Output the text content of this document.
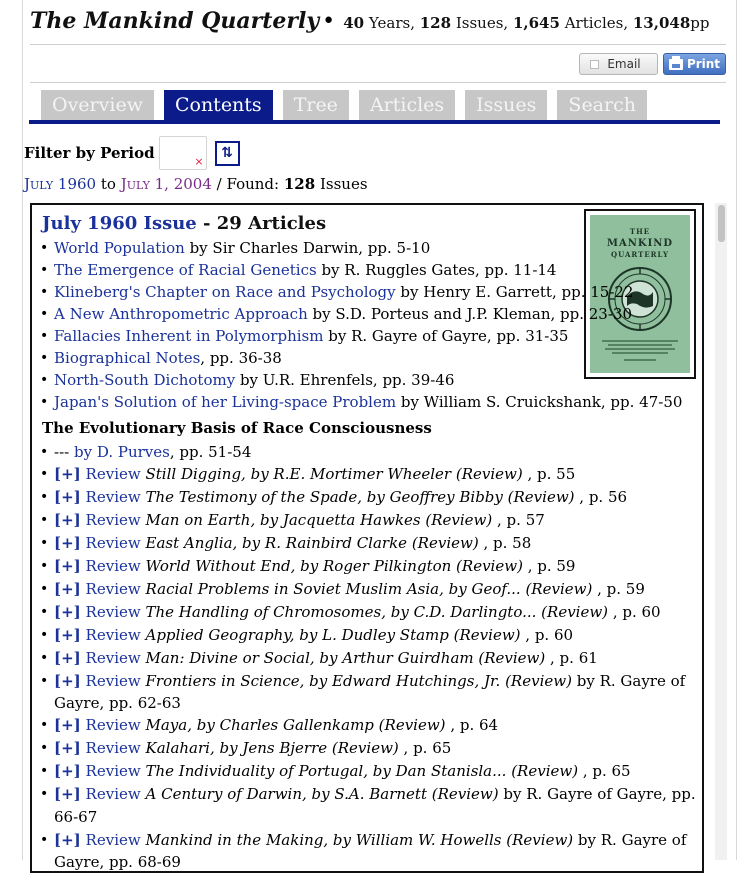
The Mankind Quarterly • 40 Years, 128 Issues, 1,645 Articles, 13,048pp
Email	Print
Overview	Contents	Tree	Articles	Issues	Search
Filter by Period	×
⇅
July 1960 to July 1, 2004 / Found: 128 Issues
THE
MANKIND
QUARTERLY
July 1960 Issue - 29 Articles
• World Population by Sir Charles Darwin, pp. 5-10
• The Emergence of Racial Genetics by R. Ruggles Gates, pp. 11-14
• Klineberg's Chapter on Race and Psychology by Henry E. Garrett, pp. 15-22
• A New Anthropometric Approach by S.D. Porteus and J.P. Kleman, pp. 23-30
• Fallacies Inherent in Polymorphism by R. Gayre of Gayre, pp. 31-35
• Biographical Notes, pp. 36-38
• North-South Dichotomy by U.R. Ehrenfels, pp. 39-46
• Japan's Solution of her Living-space Problem by William S. Cruickshank, pp. 47-50
The Evolutionary Basis of Race Consciousness
• --- by D. Purves, pp. 51-54
• [+] Review Still Digging, by R.E. Mortimer Wheeler (Review) , p. 55
• [+] Review The Testimony of the Spade, by Geoffrey Bibby (Review) , p. 56
• [+] Review Man on Earth, by Jacquetta Hawkes (Review) , p. 57
• [+] Review East Anglia, by R. Rainbird Clarke (Review) , p. 58
• [+] Review World Without End, by Roger Pilkington (Review) , p. 59
• [+] Review Racial Problems in Soviet Muslim Asia, by Geof... (Review) , p. 59
• [+] Review The Handling of Chromosomes, by C.D. Darlingto... (Review) , p. 60
• [+] Review Applied Geography, by L. Dudley Stamp (Review) , p. 60
• [+] Review Man: Divine or Social, by Arthur Guirdham (Review) , p. 61
• [+] Review Frontiers in Science, by Edward Hutchings, Jr. (Review) by R. Gayre of Gayre, pp. 62-63
• [+] Review Maya, by Charles Gallenkamp (Review) , p. 64
• [+] Review Kalahari, by Jens Bjerre (Review) , p. 65
• [+] Review The Individuality of Portugal, by Dan Stanisla... (Review) , p. 65
• [+] Review A Century of Darwin, by S.A. Barnett (Review) by R. Gayre of Gayre, pp. 66-67
• [+] Review Mankind in the Making, by William W. Howells (Review) by R. Gayre of Gayre, pp. 68-69
